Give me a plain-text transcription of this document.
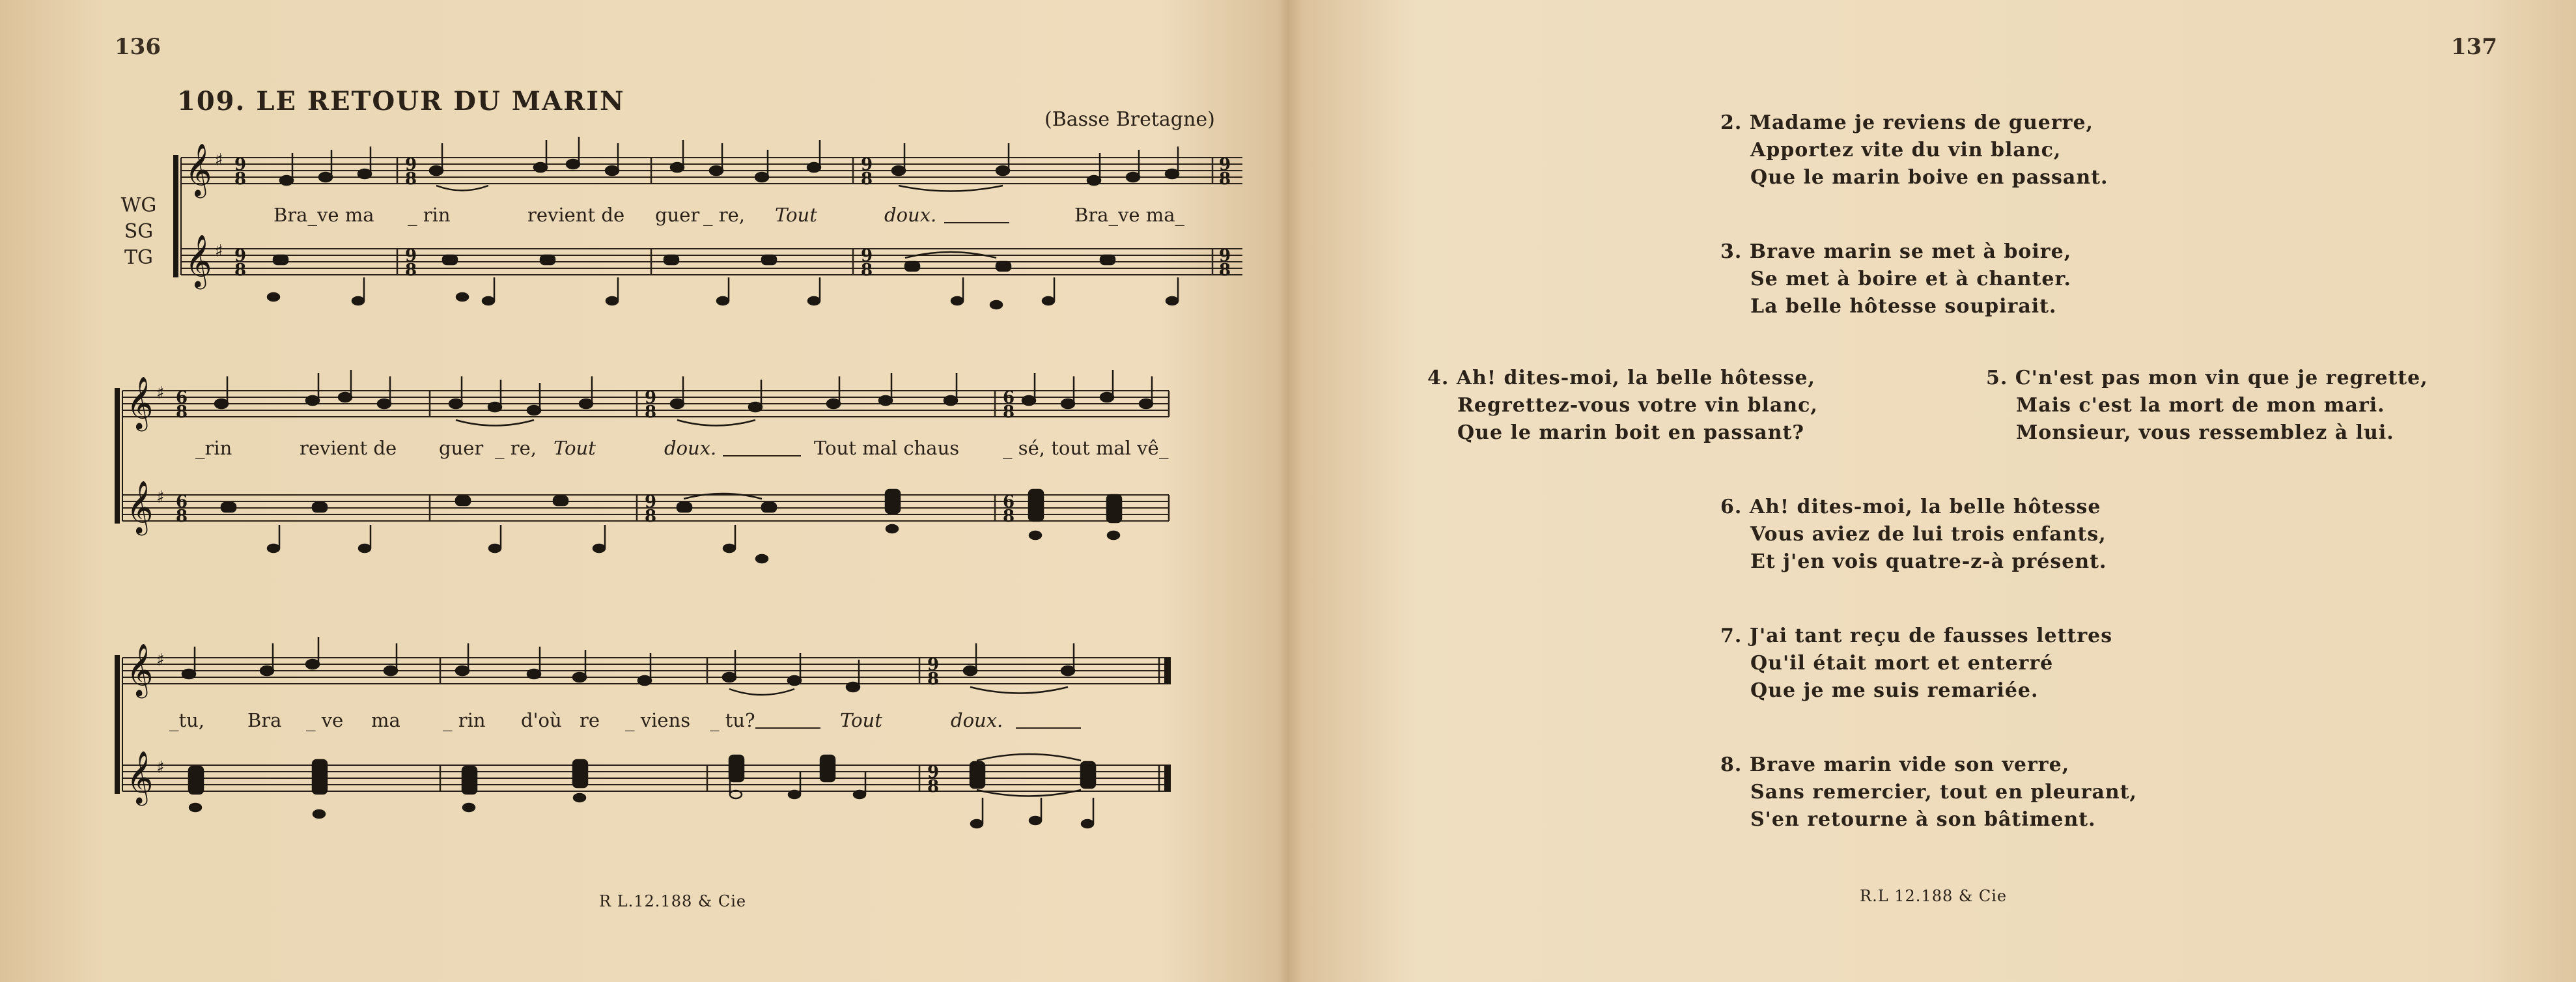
136
109. LE RETOUR DU MARIN
(Basse Bretagne)
WG
SG
TG
𝄞
𝄞
♯
♯
9
8
9
8
9
8
9
8
9
8
9
8
9
8
9
8
Bra_ve ma _ rin	revient de guer _ re, Tout	doux.	Bra_ve ma_
𝄞
𝄞
♯
♯
6
8
6
8
9
8
9
8
6
8
6
8
_rin	revient de guer _ re, Tout	doux.	Tout mal chaus _ sé, tout mal vê _
𝄞
𝄞
♯
♯
9
8
9
8
_tu, Bra _ ve ma _ rin d'où re _ viens _ tu?	Tout	doux.
R L.12.188 & Cie
137
2. Madame je reviens de guerre,
Apportez vite du vin blanc,
Que le marin boive en passant.
3. Brave marin se met à boire,
Se met à boire et à chanter.
La belle hôtesse soupirait.
4. Ah! dites-moi, la belle hôtesse,
Regrettez-vous votre vin blanc,
Que le marin boit en passant?
5. C'n'est pas mon vin que je regrette,
Mais c'est la mort de mon mari.
Monsieur, vous ressemblez à lui.
6. Ah! dites-moi, la belle hôtesse
Vous aviez de lui trois enfants,
Et j'en vois quatre-z-à présent.
7. J'ai tant reçu de fausses lettres
Qu'il était mort et enterré
Que je me suis remariée.
8. Brave marin vide son verre,
Sans remercier, tout en pleurant,
S'en retourne à son bâtiment.
R.L 12.188 & Cie
